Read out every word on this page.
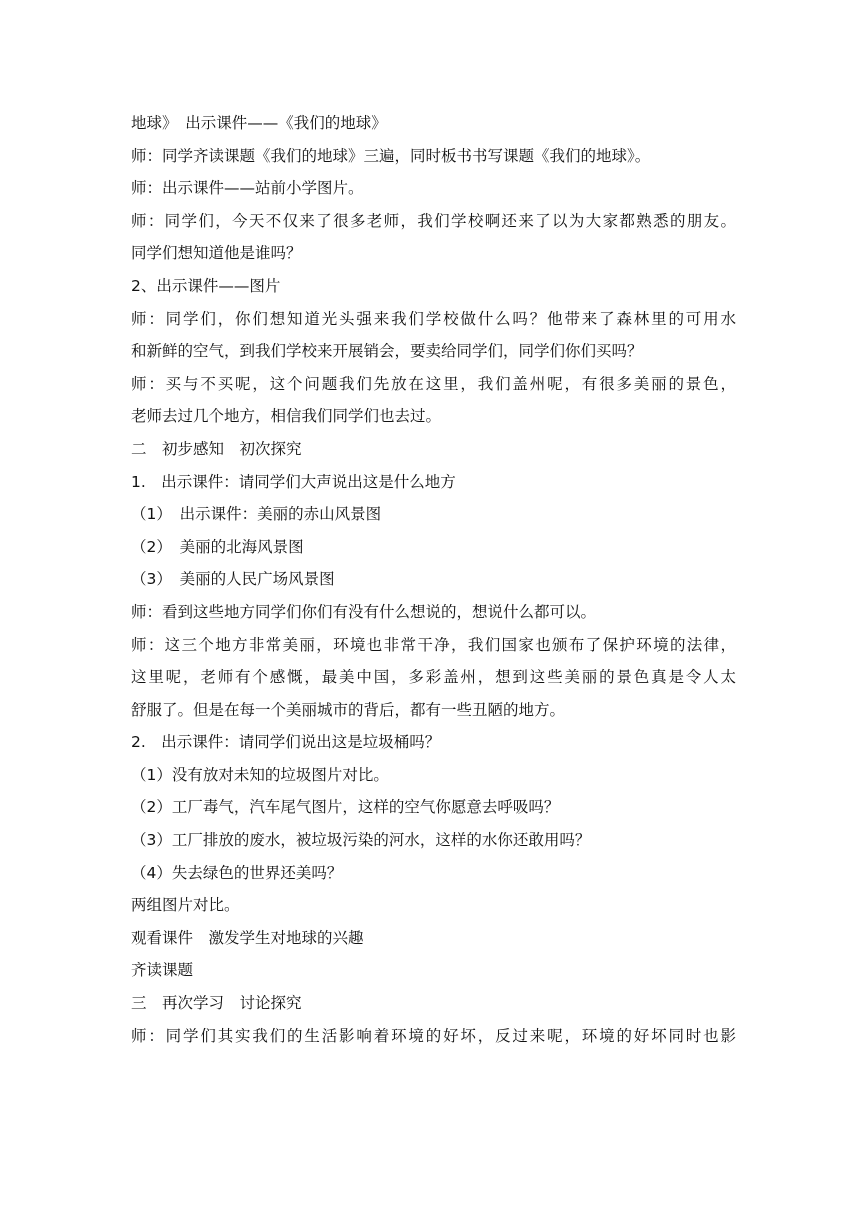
地球》　出示课件——《我们的地球》
师：同学齐读课题《我们的地球》三遍，同时板书书写课题《我们的地球》。
师：出示课件——站前小学图片。
师：同学们，今天不仅来了很多老师，我们学校啊还来了以为大家都熟悉的朋友。
同学们想知道他是谁吗？
2、出示课件——图片
师：同学们，你们想知道光头强来我们学校做什么吗？他带来了森林里的可用水
和新鲜的空气，到我们学校来开展销会，要卖给同学们，同学们你们买吗？
师：买与不买呢，这个问题我们先放在这里，我们盖州呢，有很多美丽的景色，
老师去过几个地方，相信我们同学们也去过。
二　初步感知　初次探究
1.　出示课件：请同学们大声说出这是什么地方
（1）　出示课件：美丽的赤山风景图
（2）　美丽的北海风景图
（3）　美丽的人民广场风景图
师：看到这些地方同学们你们有没有什么想说的，想说什么都可以。
师：这三个地方非常美丽，环境也非常干净，我们国家也颁布了保护环境的法律，
这里呢，老师有个感慨，最美中国，多彩盖州，想到这些美丽的景色真是令人太
舒服了。但是在每一个美丽城市的背后，都有一些丑陋的地方。
2.　出示课件：请同学们说出这是垃圾桶吗？
（1）没有放对未知的垃圾图片对比。
（2）工厂毒气，汽车尾气图片，这样的空气你愿意去呼吸吗？
（3）工厂排放的废水，被垃圾污染的河水，这样的水你还敢用吗？
（4）失去绿色的世界还美吗？
两组图片对比。
观看课件　激发学生对地球的兴趣
齐读课题
三　再次学习　讨论探究
师：同学们其实我们的生活影响着环境的好坏，反过来呢，环境的好坏同时也影
